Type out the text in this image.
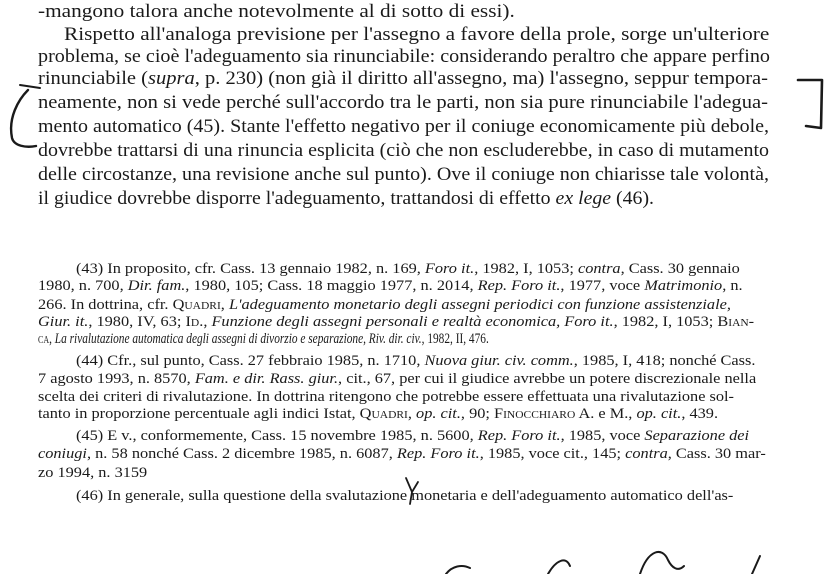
-mangono talora anche notevolmente al di sotto di essi).
Rispetto all'analoga previsione per l'assegno a favore della prole, sorge un'ulteriore
problema, se cioè l'adeguamento sia rinunciabile: considerando peraltro che appare perfino
rinunciabile (supra, p. 230) (non già il diritto all'assegno, ma) l'assegno, seppur tempora-
neamente, non si vede perché sull'accordo tra le parti, non sia pure rinunciabile l'adegua-
mento automatico (45). Stante l'effetto negativo per il coniuge economicamente più debole,
dovrebbe trattarsi di una rinuncia esplicita (ciò che non escluderebbe, in caso di mutamento
delle circostanze, una revisione anche sul punto). Ove il coniuge non chiarisse tale volontà,
il giudice dovrebbe disporre l'adeguamento, trattandosi di effetto ex lege (46).
(43) In proposito, cfr. Cass. 13 gennaio 1982, n. 169, Foro it., 1982, I, 1053; contra, Cass. 30 gennaio
1980, n. 700, Dir. fam., 1980, 105; Cass. 18 maggio 1977, n. 2014, Rep. Foro it., 1977, voce Matrimonio, n.
266. In dottrina, cfr. Quadri, L'adeguamento monetario degli assegni periodici con funzione assistenziale,
Giur. it., 1980, IV, 63; Id., Funzione degli assegni personali e realtà economica, Foro it., 1982, I, 1053; Bian-
ca, La rivalutazione automatica degli assegni di divorzio e separazione, Riv. dir. civ., 1982, II, 476.
(44) Cfr., sul punto, Cass. 27 febbraio 1985, n. 1710, Nuova giur. civ. comm., 1985, I, 418; nonché Cass.
7 agosto 1993, n. 8570, Fam. e dir. Rass. giur., cit., 67, per cui il giudice avrebbe un potere discrezionale nella
scelta dei criteri di rivalutazione. In dottrina ritengono che potrebbe essere effettuata una rivalutazione sol-
tanto in proporzione percentuale agli indici Istat, Quadri, op. cit., 90; Finocchiaro A. e M., op. cit., 439.
(45) E v., conformemente, Cass. 15 novembre 1985, n. 5600, Rep. Foro it., 1985, voce Separazione dei
coniugi, n. 58 nonché Cass. 2 dicembre 1985, n. 6087, Rep. Foro it., 1985, voce cit., 145; contra, Cass. 30 mar-
zo 1994, n. 3159
(46) In generale, sulla questione della svalutazione monetaria e dell'adeguamento automatico dell'as-
